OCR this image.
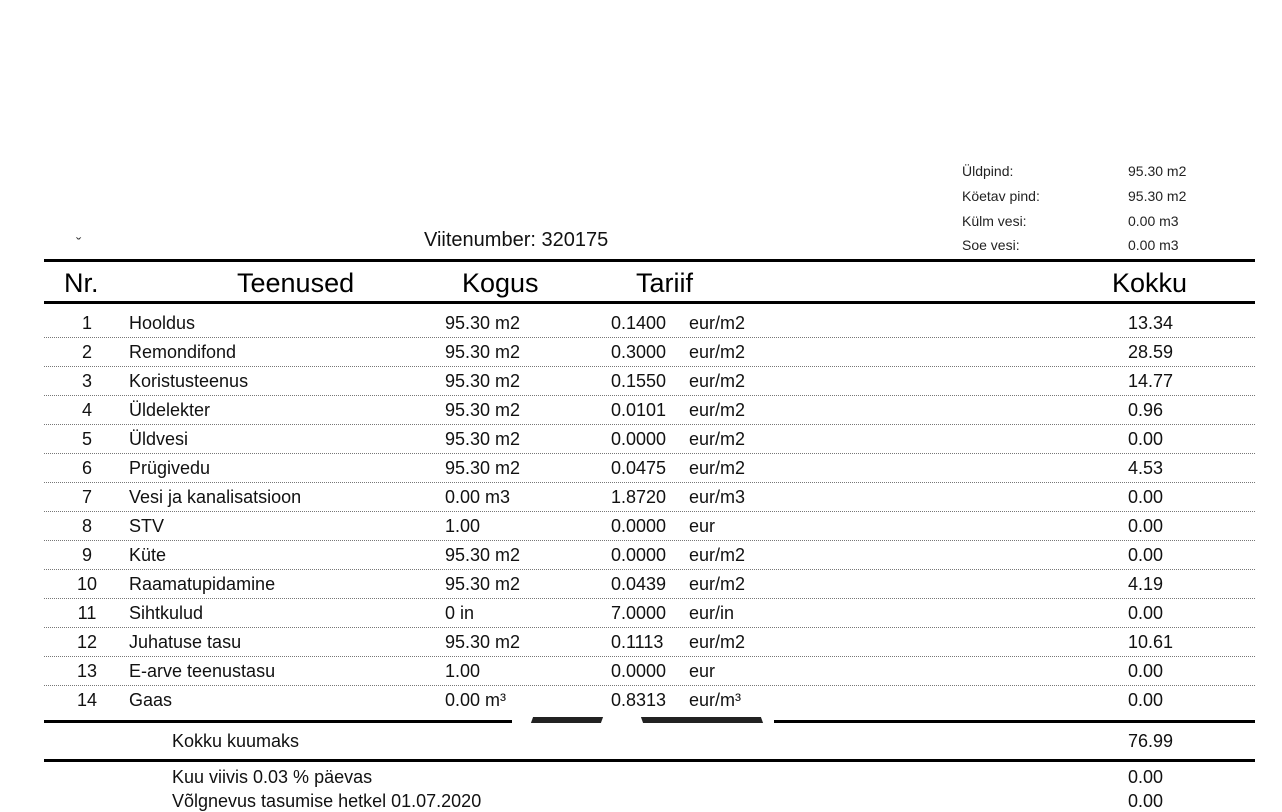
Üldpind:	95.30 m2
Köetav pind:	95.30 m2
Külm vesi:	0.00 m3
Soe vesi:	0.00 m3
ˇ	Viitenumber: 320175
Nr.	Teenused	Kogus	Tariif	Kokku
1	Hooldus	95.30 m2	0.1400 eur/m2	13.34
2	Remondifond	95.30 m2	0.3000 eur/m2	28.59
3	Koristusteenus	95.30 m2	0.1550 eur/m2	14.77
4	Üldelekter	95.30 m2	0.0101 eur/m2	0.96
5	Üldvesi	95.30 m2	0.0000 eur/m2	0.00
6	Prügivedu	95.30 m2	0.0475 eur/m2	4.53
7	Vesi ja kanalisatsioon	0.00 m3	1.8720 eur/m3	0.00
8	STV	1.00	0.0000 eur	0.00
9	Küte	95.30 m2	0.0000 eur/m2	0.00
10 Raamatupidamine	95.30 m2	0.0439 eur/m2	4.19
11	Sihtkulud	0 in	7.0000 eur/in	0.00
12 Juhatuse tasu	95.30 m2	0.1113 eur/m2	10.61
13 E-arve teenustasu	1.00	0.0000 eur	0.00
14 Gaas	0.00 m³	0.8313 eur/m³	0.00
Kokku kuumaks	76.99
Kuu viivis 0.03 % päevas	0.00
Võlgnevus tasumise hetkel 01.07.2020	0.00
